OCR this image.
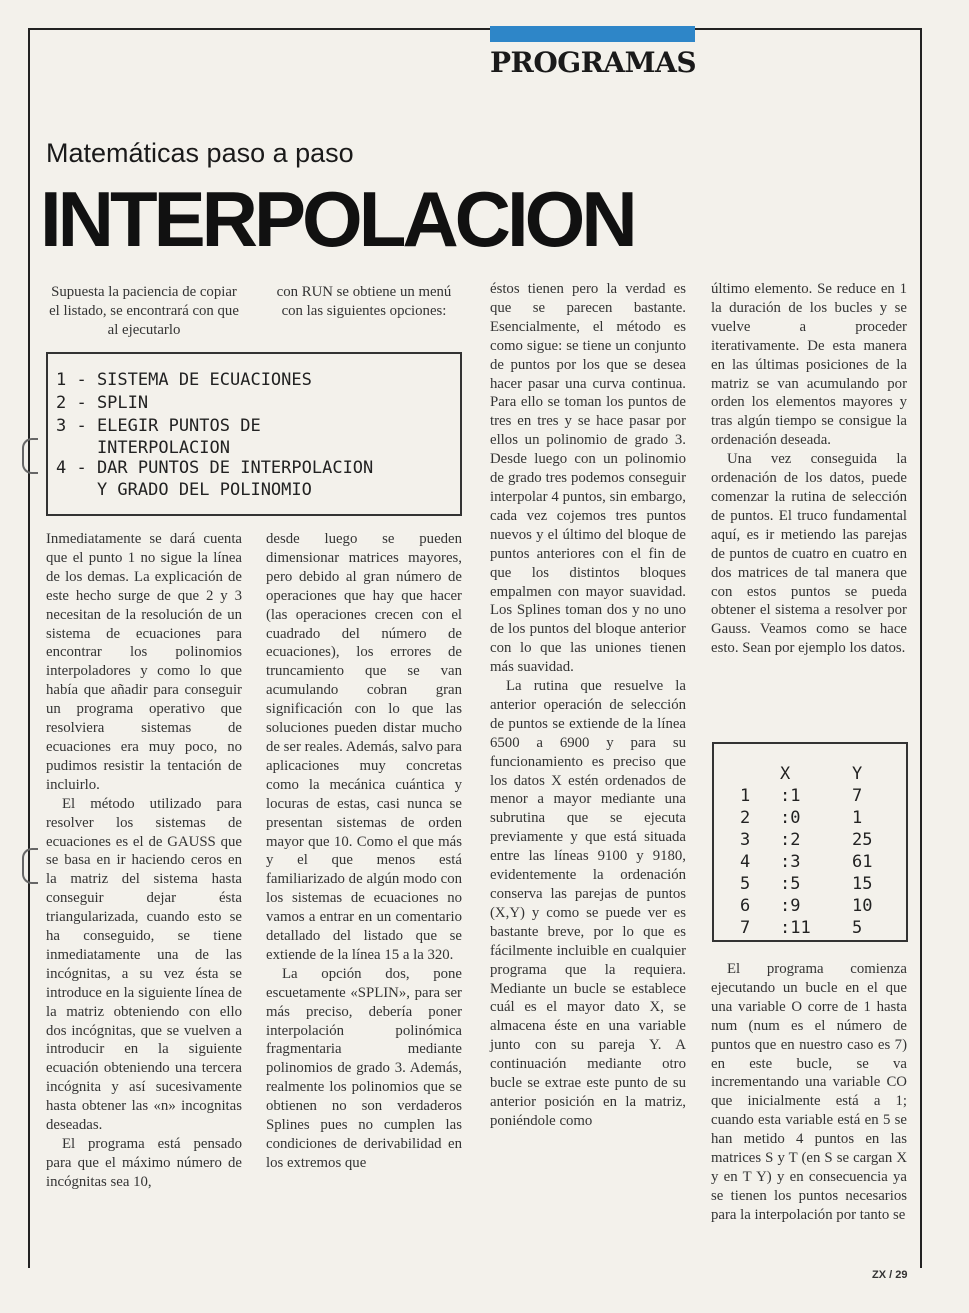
PROGRAMAS
Matemáticas paso a paso
INTERPOLACION

Supuesta la paciencia de copiar el listado, se encontrará con que al ejecutarlo

con RUN se obtiene un menú con las siguientes opciones:

1 - SISTEMA DE ECUACIONES
2 - SPLIN
3 - ELEGIR PUNTOS DE
INTERPOLACION
4 - DAR PUNTOS DE INTERPOLACION
Y GRADO DEL POLINOMIO

Inmediatamente se dará cuenta que el punto 1 no sigue la línea de los demas. La explicación de este hecho surge de que 2 y 3 necesitan de la resolución de un sistema de ecuaciones para encontrar los polinomios interpoladores y como lo que había que añadir para conseguir un programa operativo que resolviera sistemas de ecuaciones era muy poco, no pudimos resistir la tentación de incluirlo.

El método utilizado para resolver los sistemas de ecuaciones es el de GAUSS que se basa en ir haciendo ceros en la matriz del sistema hasta conseguir dejar ésta triangularizada, cuando esto se ha conseguido, se tiene inmediatamente una de las incógnitas, a su vez ésta se introduce en la siguiente línea de la matriz obteniendo con ello dos incógnitas, que se vuelven a introducir en la siguiente ecuación obteniendo una tercera incógnita y así sucesivamente hasta obtener las «n» incognitas deseadas.

El programa está pensado para que el máximo número de incógnitas sea 10,

desde luego se pueden dimensionar matrices mayores, pero debido al gran número de operaciones que hay que hacer (las operaciones crecen con el cuadrado del número de ecuaciones), los errores de truncamiento que se van acumulando cobran gran significación con lo que las soluciones pueden distar mucho de ser reales. Además, salvo para aplicaciones muy concretas como la mecánica cuántica y locuras de estas, casi nunca se presentan sistemas de orden mayor que 10. Como el que más y el que menos está familiarizado de algún modo con los sistemas de ecuaciones no vamos a entrar en un comentario detallado del listado que se extiende de la línea 15 a la 320.

La opción dos, pone escuetamente «SPLIN», para ser más preciso, debería poner interpolación polinómica fragmentaria mediante polinomios de grado 3. Además, realmente los polinomios que se obtienen no son verdaderos Splines pues no cumplen las condiciones de derivabilidad en los extremos que

éstos tienen pero la verdad es que se parecen bastante. Esencialmente, el método es como sigue: se tiene un conjunto de puntos por los que se desea hacer pasar una curva continua. Para ello se toman los puntos de tres en tres y se hace pasar por ellos un polinomio de grado 3. Desde luego con un polinomio de grado tres podemos conseguir interpolar 4 puntos, sin embargo, cada vez cojemos tres puntos nuevos y el último del bloque de puntos anteriores con el fin de que los distintos bloques empalmen con mayor suavidad. Los Splines toman dos y no uno de los puntos del bloque anterior con lo que las uniones tienen más suavidad.

La rutina que resuelve la anterior operación de selección de puntos se extiende de la línea 6500 a 6900 y para su funcionamiento es preciso que los datos X estén ordenados de menor a mayor mediante una subrutina que se ejecuta previamente y que está situada entre las líneas 9100 y 9180, evidentemente la ordenación conserva las parejas de puntos (X,Y) y como se puede ver es bastante breve, por lo que es fácilmente incluible en cualquier programa que la requiera. Mediante un bucle se establece cuál es el mayor dato X, se almacena éste en una variable junto con su pareja Y. A continuación mediante otro bucle se extrae este punto de su anterior posición en la matriz, poniéndole como

último elemento. Se reduce en 1 la duración de los bucles y se vuelve a proceder iterativamente. De esta manera en las últimas posiciones de la matriz se van acumulando por orden los elementos mayores y tras algún tiempo se consigue la ordenación deseada.

Una vez conseguida la ordenación de los datos, puede comenzar la rutina de selección de puntos. El truco fundamental aquí, es ir metiendo las parejas de puntos de cuatro en cuatro en dos matrices de tal manera que con estos puntos se pueda obtener el sistema a resolver por Gauss. Veamos como se hace esto. Sean por ejemplo los datos.

X	Y
1 :1	7
2 :0	1
3 :2	25
4 :3	61
5 :5	15
6 :9	10
7 :11 5

El programa comienza ejecutando un bucle en el que una variable O corre de 1 hasta num (num es el número de puntos que en nuestro caso es 7) en este bucle, se va incrementando una variable CO que inicialmente está a 1; cuando esta variable está en 5 se han metido 4 puntos en las matrices S y T (en S se cargan X y en T Y) y en consecuencia ya se tienen los puntos necesarios para la interpolación por tanto se

ZX / 29
